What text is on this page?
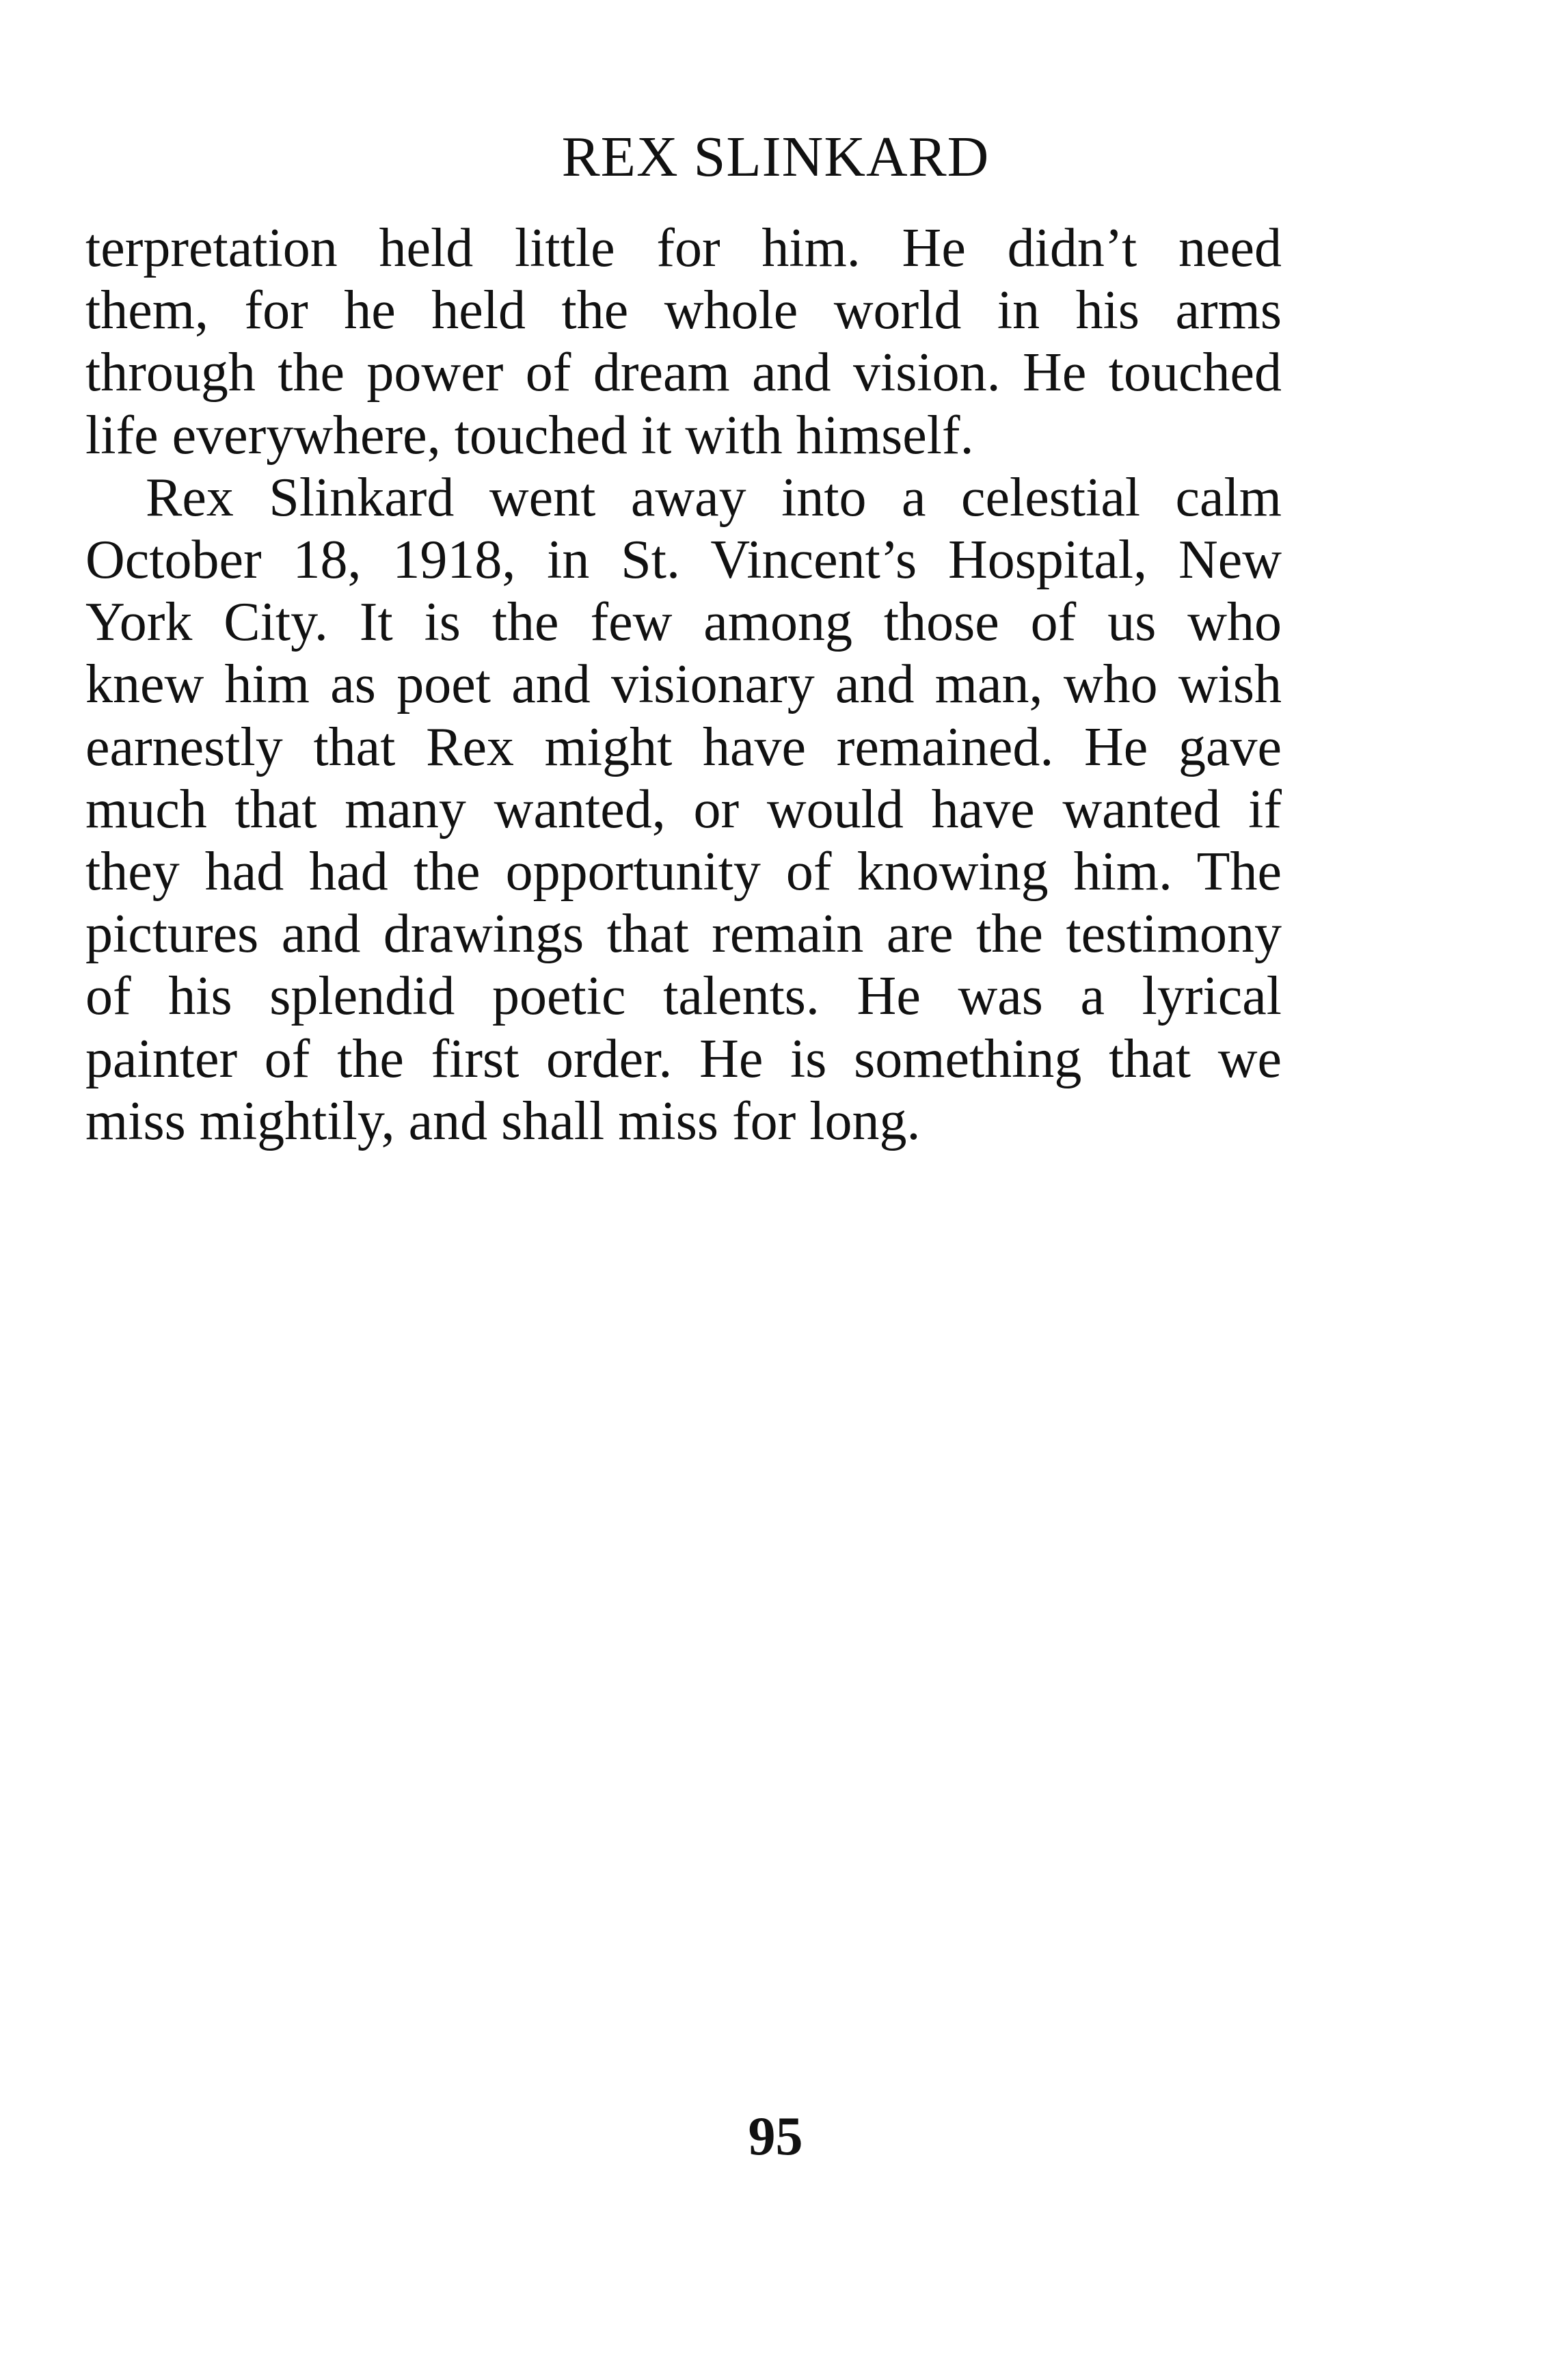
REX SLINKARD

terpretation held little for him. He didn’t need
them, for he held the whole world in his arms
through the power of dream and vision. He touched
life everywhere, touched it with himself.

Rex Slinkard went away into a celestial calm
October 18, 1918, in St. Vincent’s Hospital, New
York City. It is the few among those of us who
knew him as poet and visionary and man, who wish
earnestly that Rex might have remained. He gave
much that many wanted, or would have wanted if
they had had the opportunity of knowing him. The
pictures and drawings that remain are the testimony
of his splendid poetic talents. He was a lyrical
painter of the first order. He is something that we
miss mightily, and shall miss for long.

95
